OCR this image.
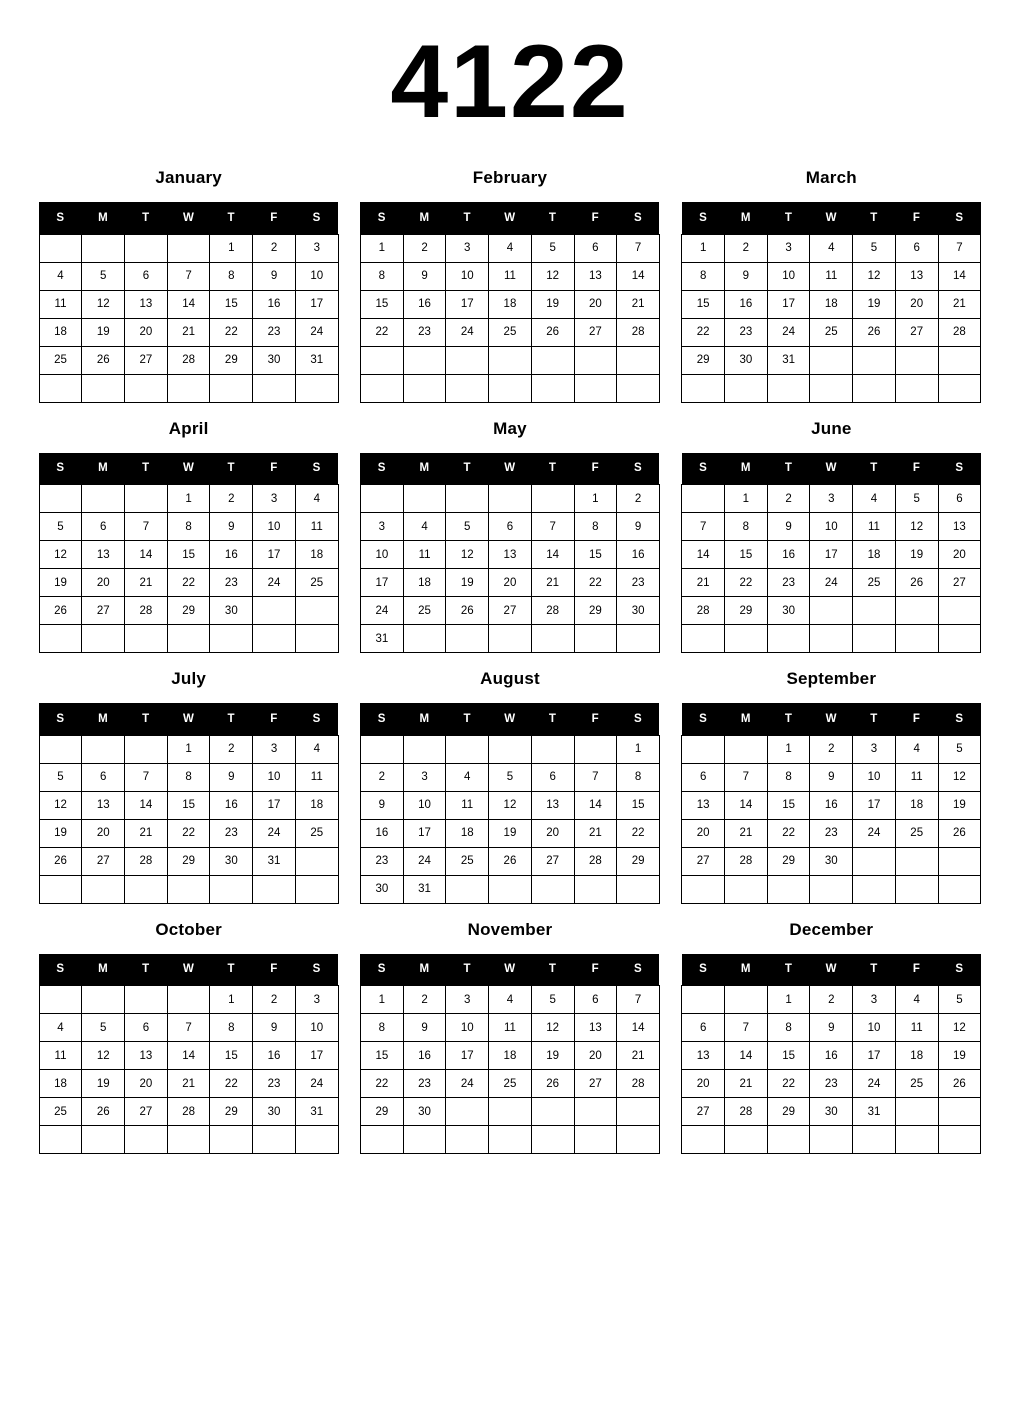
4122
January
S	M	T	W	T	F	S
				1	2	3
4	5	6	7	8	9	10
11	12	13	14	15	16	17
18	19	20	21	22	23	24
25	26	27	28	29	30	31

February
S	M	T	W	T	F	S
1	2	3	4	5	6	7
8	9	10	11	12	13	14
15	16	17	18	19	20	21
22	23	24	25	26	27	28

March
S	M	T	W	T	F	S
1	2	3	4	5	6	7
8	9	10	11	12	13	14
15	16	17	18	19	20	21
22	23	24	25	26	27	28
29	30	31				

April
S	M	T	W	T	F	S
			1	2	3	4
5	6	7	8	9	10	11
12	13	14	15	16	17	18
19	20	21	22	23	24	25
26	27	28	29	30		

May
S	M	T	W	T	F	S
					1	2
3	4	5	6	7	8	9
10	11	12	13	14	15	16
17	18	19	20	21	22	23
24	25	26	27	28	29	30
31						
June
S	M	T	W	T	F	S
	1	2	3	4	5	6
7	8	9	10	11	12	13
14	15	16	17	18	19	20
21	22	23	24	25	26	27
28	29	30				

July
S	M	T	W	T	F	S
			1	2	3	4
5	6	7	8	9	10	11
12	13	14	15	16	17	18
19	20	21	22	23	24	25
26	27	28	29	30	31	

August
S	M	T	W	T	F	S
						1
2	3	4	5	6	7	8
9	10	11	12	13	14	15
16	17	18	19	20	21	22
23	24	25	26	27	28	29
30	31					
September
S	M	T	W	T	F	S
		1	2	3	4	5
6	7	8	9	10	11	12
13	14	15	16	17	18	19
20	21	22	23	24	25	26
27	28	29	30			

October
S	M	T	W	T	F	S
				1	2	3
4	5	6	7	8	9	10
11	12	13	14	15	16	17
18	19	20	21	22	23	24
25	26	27	28	29	30	31

November
S	M	T	W	T	F	S
1	2	3	4	5	6	7
8	9	10	11	12	13	14
15	16	17	18	19	20	21
22	23	24	25	26	27	28
29	30					

December
S	M	T	W	T	F	S
		1	2	3	4	5
6	7	8	9	10	11	12
13	14	15	16	17	18	19
20	21	22	23	24	25	26
27	28	29	30	31		
